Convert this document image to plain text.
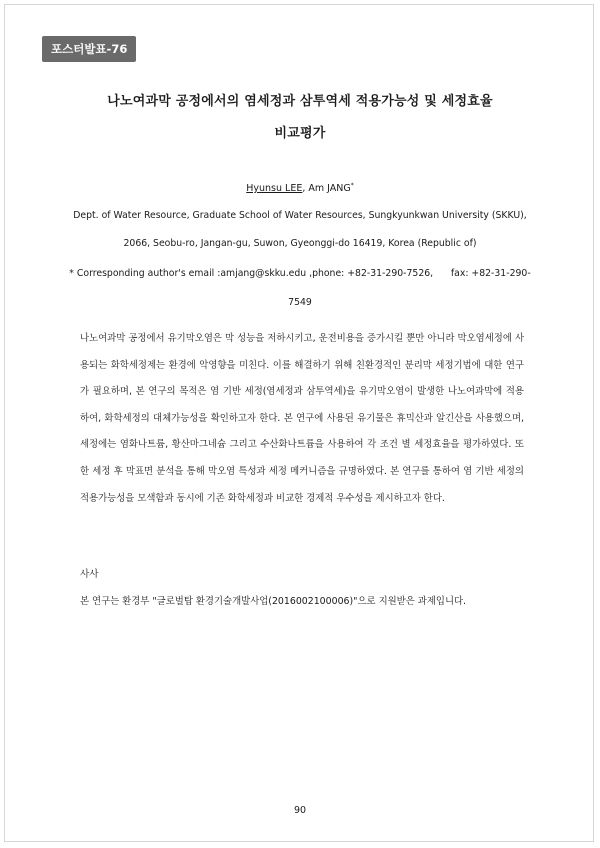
포스터발표-76
나노여과막 공정에서의 염세정과 삼투역세 적용가능성 및 세정효율
비교평가
Hyunsu LEE, Am JANG*
Dept. of Water Resource, Graduate School of Water Resources, Sungkyunkwan University (SKKU),
2066, Seobu-ro, Jangan-gu, Suwon, Gyeonggi-do 16419, Korea (Republic of)
* Corresponding author's email :amjang@skku.edu ,phone: +82-31-290-7526,      fax: +82-31-290-
7549
나노여과막 공정에서 유기막오염은 막 성능을 저하시키고, 운전비용을 증가시킬 뿐만 아니라 막오염세정에 사용되는 화학세정제는 환경에 악영향을 미친다. 이를 해결하기 위해 친환경적인 분리막 세정기법에 대한 연구가 필요하며, 본 연구의 목적은 염 기반 세정(염세정과 삼투역세)을 유기막오염이 발생한 나노여과막에 적용하여, 화학세정의 대체가능성을 확인하고자 한다. 본 연구에 사용된 유기물은 휴믹산과 알긴산을 사용했으며, 세정에는 염화나트륨, 황산마그네슘 그리고 수산화나트륨을 사용하여 각 조건 별 세정효율을 평가하였다. 또한 세정 후 막표면 분석을 통해 막오염 특성과 세정 메커니즘을 규명하였다. 본 연구를 통하여 염 기반 세정의 적용가능성을 모색함과 동시에 기존 화학세정과 비교한 경제적 우수성을 제시하고자 한다.
사사
본 연구는 환경부 "글로벌탑 환경기술개발사업(2016002100006)"으로 지원받은 과제입니다.
90
